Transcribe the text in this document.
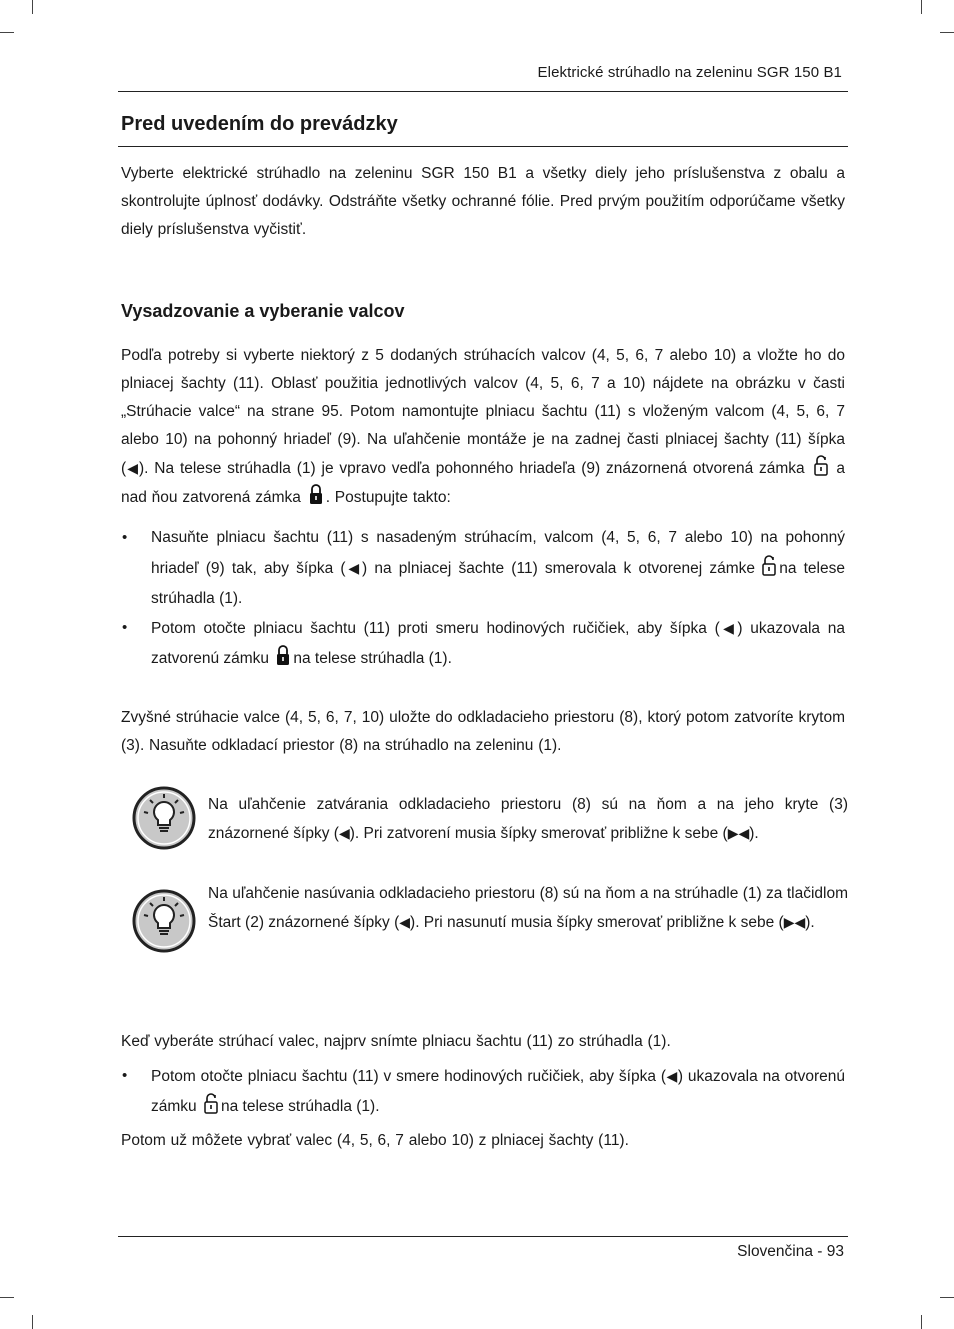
Elektrické strúhadlo na zeleninu SGR 150 B1
Pred uvedením do prevádzky

Vyberte elektrické strúhadlo na zeleninu SGR 150 B1 a všetky diely jeho príslušenstva z obalu a skontrolujte úplnosť dodávky. Odstráňte všetky ochranné fólie. Pred prvým použitím odporúčame všetky diely príslušenstva vyčistiť.

Vysadzovanie a vyberanie valcov

Podľa potreby si vyberte niektorý z 5 dodaných strúhacích valcov (4, 5, 6, 7 alebo 10) a vložte ho do plniacej šachty (11). Oblasť použitia jednotlivých valcov (4, 5, 6, 7 a 10) nájdete na obrázku v časti „Strúhacie valce“ na strane 95. Potom namontujte plniacu šachtu (11) s vloženým valcom (4, 5, 6, 7 alebo 10) na pohonný hriadeľ (9). Na uľahčenie montáže je na zadnej časti plniacej šachty (11) šípka (◀). Na telese strúhadla (1) je vpravo vedľa pohonného hriadeľa (9) znázornená otvorená zámka a nad ňou zatvorená zámka . Postupujte takto:

• Nasuňte plniacu šachtu (11) s nasadeným strúhacím, valcom (4, 5, 6, 7 alebo 10) na pohonný hriadeľ (9) tak, aby šípka (◀) na plniacej šachte (11) smerovala k otvorenej zámke na telese strúhadla (1).

• Potom otočte plniacu šachtu (11) proti smeru hodinových ručičiek, aby šípka (◀) ukazovala na zatvorenú zámku na telese strúhadla (1).

Zvyšné strúhacie valce (4, 5, 6, 7, 10) uložte do odkladacieho priestoru (8), ktorý potom zatvoríte krytom (3). Nasuňte odkladací priestor (8) na strúhadlo na zeleninu (1).

Na uľahčenie zatvárania odkladacieho priestoru (8) sú na ňom a na jeho kryte (3) znázornené šípky (◀). Pri zatvorení musia šípky smerovať približne k sebe (▶◀).

Na uľahčenie nasúvania odkladacieho priestoru (8) sú na ňom a na strúhadle (1) za tlačidlom Štart (2) znázornené šípky (◀). Pri nasunutí musia šípky smerovať približne k sebe (▶◀).

Keď vyberáte strúhací valec, najprv snímte plniacu šachtu (11) zo strúhadla (1).

• Potom otočte plniacu šachtu (11) v smere hodinových ručičiek, aby šípka (◀) ukazovala na otvorenú zámku na telese strúhadla (1).

Potom už môžete vybrať valec (4, 5, 6, 7 alebo 10) z plniacej šachty (11).

Slovenčina - 93
